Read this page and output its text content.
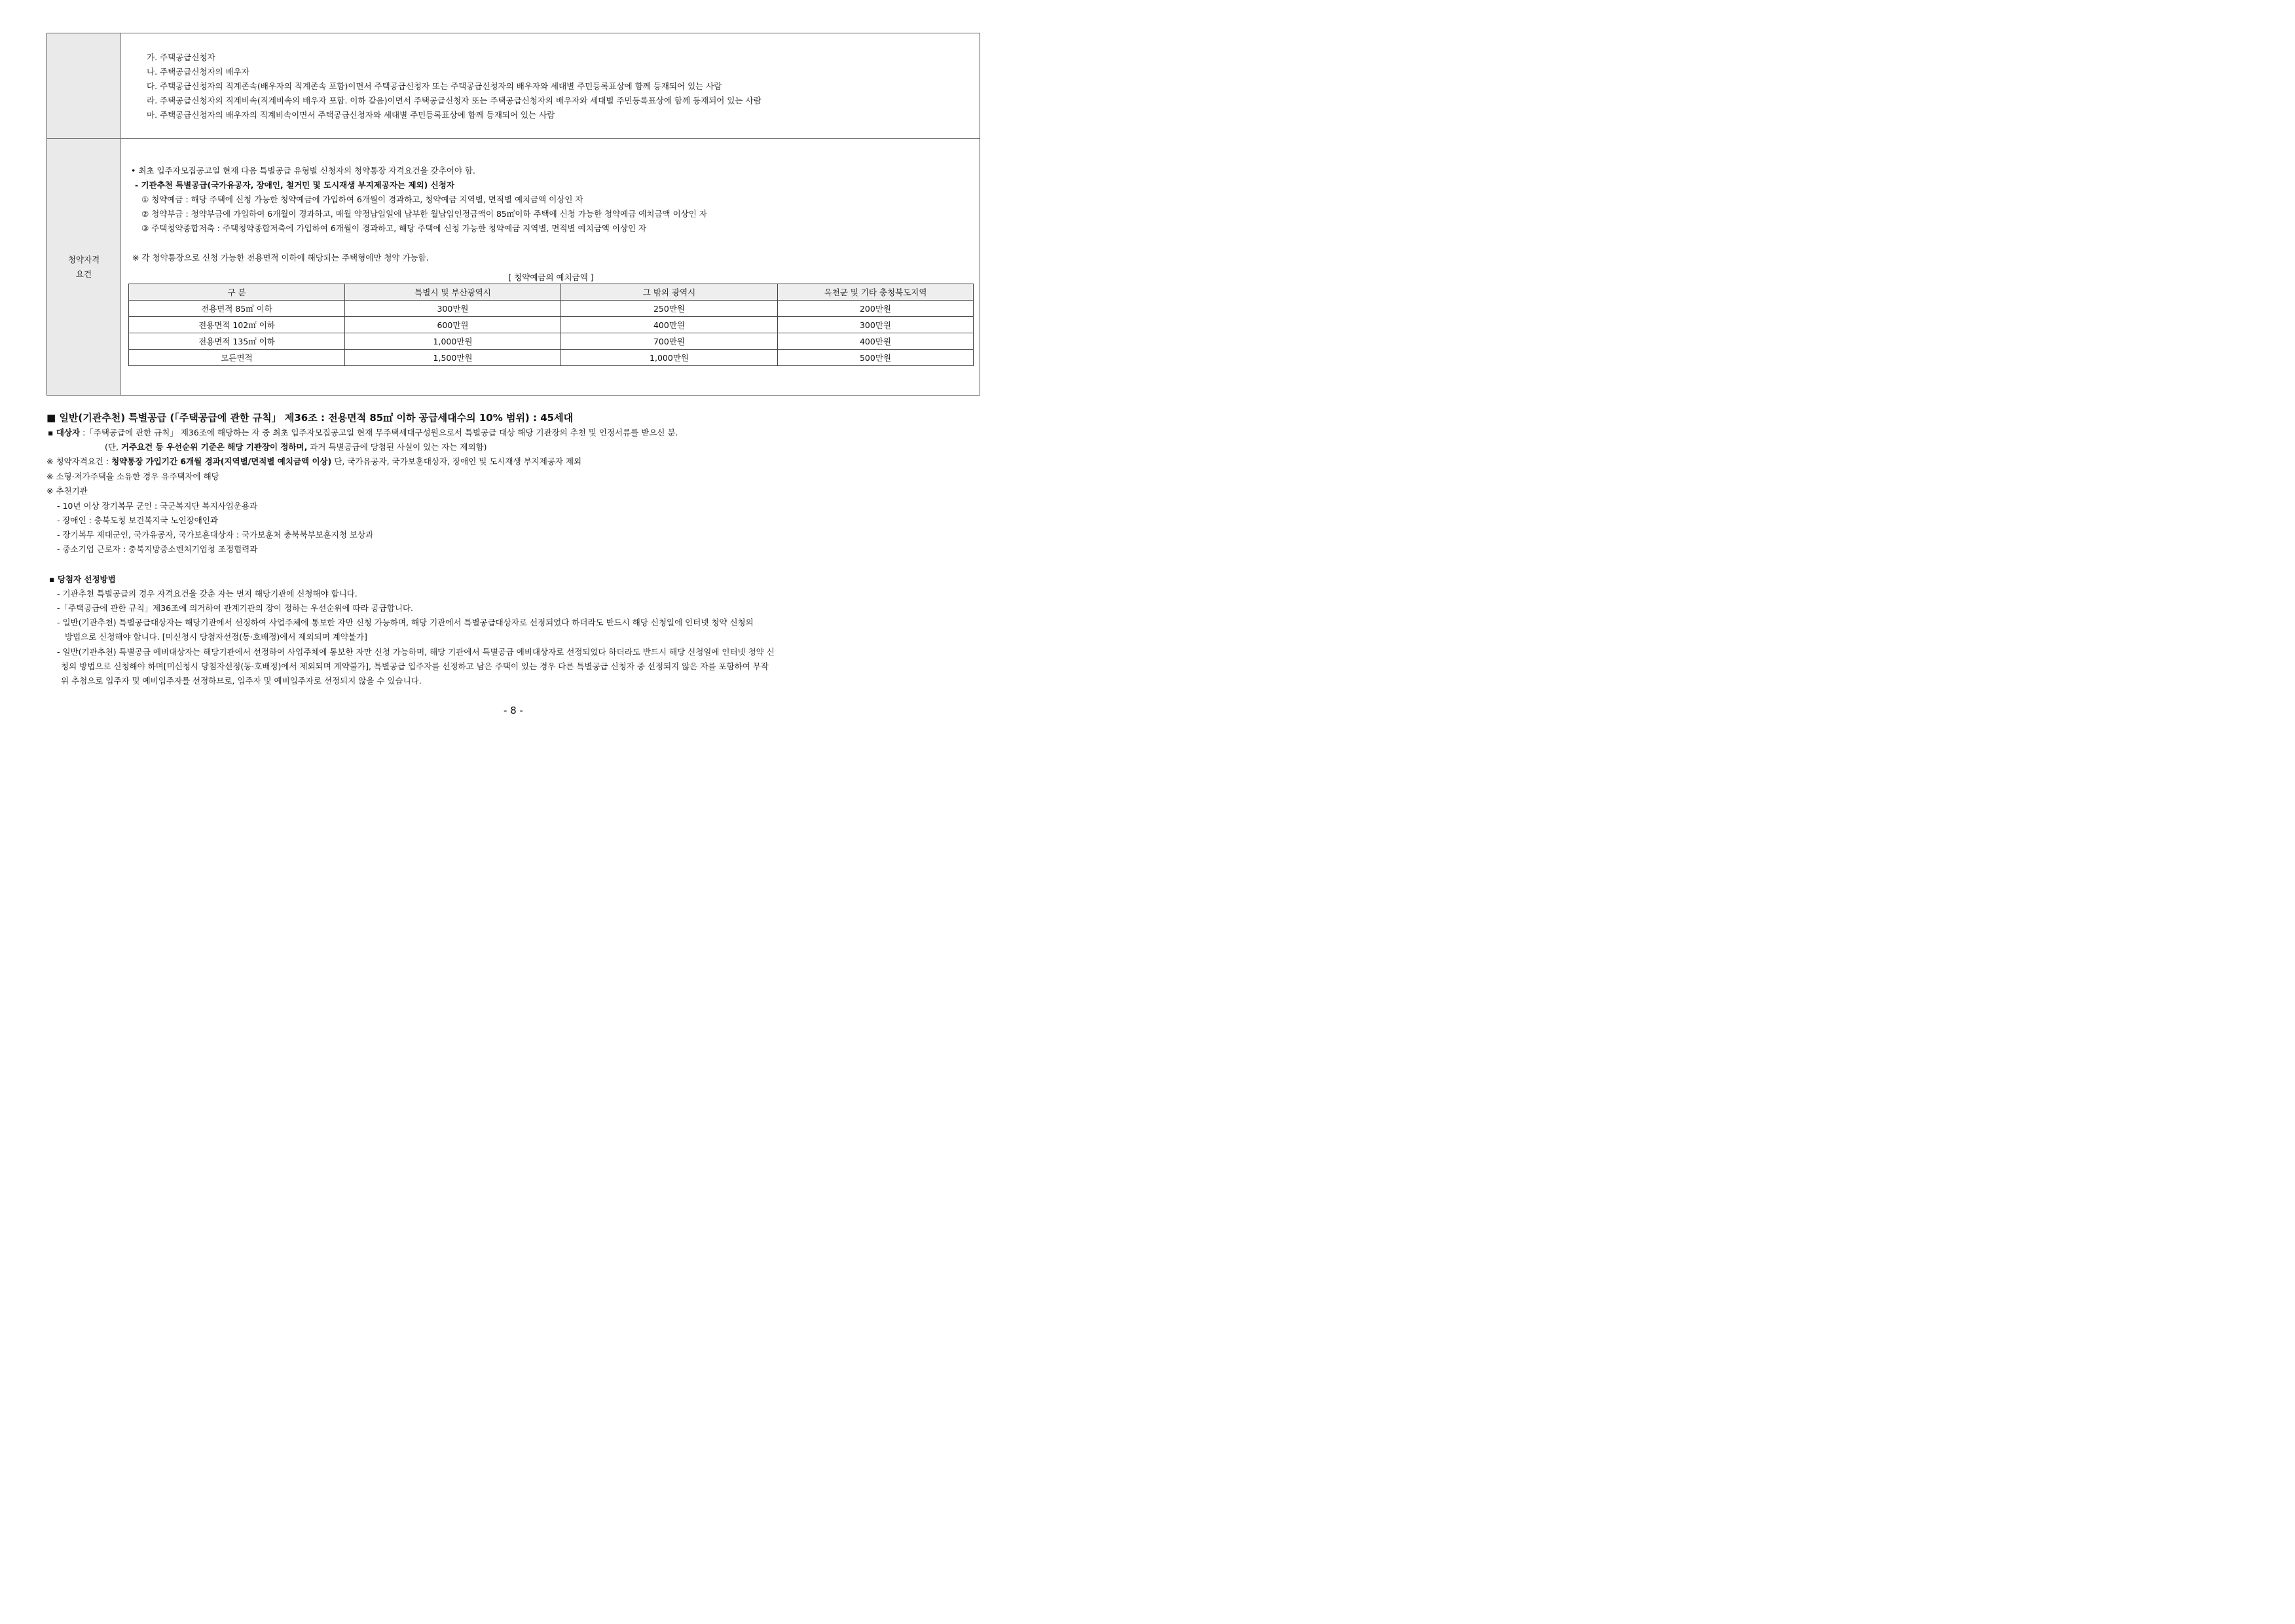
가. 주택공급신청자
나. 주택공급신청자의 배우자
다. 주택공급신청자의 직계존속(배우자의 직계존속 포함)이면서 주택공급신청자 또는 주택공급신청자의 배우자와 세대별 주민등록표상에 함께 등재되어 있는 사람
라. 주택공급신청자의 직계비속(직계비속의 배우자 포함. 이하 같음)이면서 주택공급신청자 또는 주택공급신청자의 배우자와 세대별 주민등록표상에 함께 등재되어 있는 사람
마. 주택공급신청자의 배우자의 직계비속이면서 주택공급신청자와 세대별 주민등록표상에 함께 등재되어 있는 사람
청약자격
요건
• 최초 입주자모집공고일 현재 다음 특별공급 유형별 신청자의 청약통장 자격요건을 갖추어야 함.
- 기관추천 특별공급(국가유공자, 장애인, 철거민 및 도시재생 부지제공자는 제외) 신청자
① 청약예금 : 해당 주택에 신청 가능한 청약예금에 가입하여 6개월이 경과하고, 청약예금 지역별, 면적별 예치금액 이상인 자
② 청약부금 : 청약부금에 가입하여 6개월이 경과하고, 매월 약정납입일에 납부한 월납입인정금액이 85㎡이하 주택에 신청 가능한 청약예금 예치금액 이상인 자
③ 주택청약종합저축 : 주택청약종합저축에 가입하여 6개월이 경과하고, 해당 주택에 신청 가능한 청약예금 지역별, 면적별 예치금액 이상인 자
※ 각 청약통장으로 신청 가능한 전용면적 이하에 해당되는 주택형에만 청약 가능함.
[ 청약예금의 예치금액 ]
구 분	특별시 및 부산광역시	그 밖의 광역시	옥천군 및 기타 충청북도지역
전용면적 85㎡ 이하	300만원	250만원	200만원
전용면적 102㎡ 이하	600만원	400만원	300만원
전용면적 135㎡ 이하	1,000만원	700만원	400만원
모든면적	1,500만원	1,000만원	500만원
■ 일반(기관추천) 특별공급 (「주택공급에 관한 규칙」 제36조 : 전용면적 85㎡ 이하 공급세대수의 10% 범위) : 45세대
▪ 대상자 :「주택공급에 관한 규칙」 제36조에 해당하는 자 중 최초 입주자모집공고일 현재 무주택세대구성원으로서 특별공급 대상 해당 기관장의 추천 및 인정서류를 받으신 분.
(단, 거주요건 등 우선순위 기준은 해당 기관장이 정하며, 과거 특별공급에 당첨된 사실이 있는 자는 제외함)
※ 청약자격요건 : 청약통장 가입기간 6개월 경과(지역별/면적별 예치금액 이상) 단, 국가유공자, 국가보훈대상자, 장애인 및 도시재생 부지제공자 제외
※ 소형·저가주택을 소유한 경우 유주택자에 해당
※ 추천기관
- 10년 이상 장기복무 군인 : 국군복지단 복지사업운용과
- 장애인 : 충북도청 보건복지국 노인장애인과
- 장기복무 제대군인, 국가유공자, 국가보훈대상자 : 국가보훈처 충북북부보훈지청 보상과
- 중소기업 근로자 : 충북지방중소벤처기업청 조정협력과
▪ 당첨자 선정방법
- 기관추천 특별공급의 경우 자격요건을 갖춘 자는 먼저 해당기관에 신청해야 합니다.
-「주택공급에 관한 규칙」제36조에 의거하여 관계기관의 장이 정하는 우선순위에 따라 공급합니다.
- 일반(기관추천) 특별공급대상자는 해당기관에서 선정하여 사업주체에 통보한 자만 신청 가능하며, 해당 기관에서 특별공급대상자로 선정되었다 하더라도 반드시 해당 신청일에 인터넷 청약 신청의
방법으로 신청해야 합니다. [미신청시 당첨자선정(동·호배정)에서 제외되며 계약불가]
- 일반(기관추천) 특별공급 예비대상자는 해당기관에서 선정하여 사업주체에 통보한 자만 신청 가능하며, 해당 기관에서 특별공급 예비대상자로 선정되었다 하더라도 반드시 해당 신청일에 인터넷 청약 신
청의 방법으로 신청해야 하며[미신청시 당첨자선정(동·호배정)에서 제외되며 계약불가], 특별공급 입주자를 선정하고 남은 주택이 있는 경우 다른 특별공급 신청자 중 선정되지 않은 자를 포함하여 무작
위 추첨으로 입주자 및 예비입주자를 선정하므로, 입주자 및 예비입주자로 선정되지 않을 수 있습니다.
- 8 -
